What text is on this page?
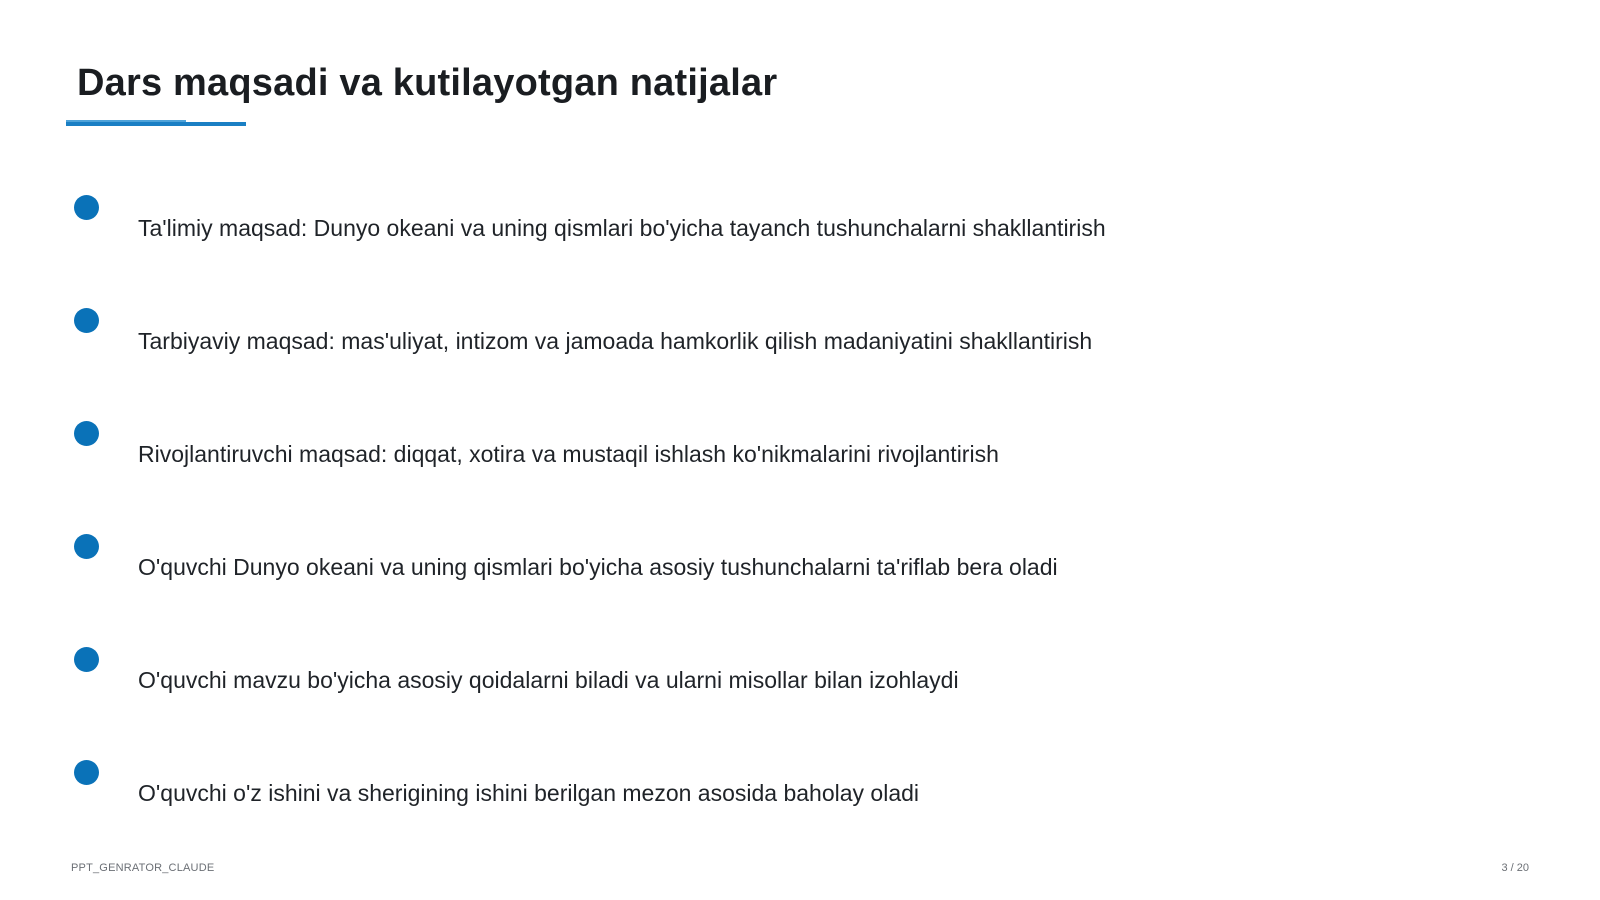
Dars maqsadi va kutilayotgan natijalar
Ta'limiy maqsad: Dunyo okeani va uning qismlari bo'yicha tayanch tushunchalarni shakllantirish
Tarbiyaviy maqsad: mas'uliyat, intizom va jamoada hamkorlik qilish madaniyatini shakllantirish
Rivojlantiruvchi maqsad: diqqat, xotira va mustaqil ishlash ko'nikmalarini rivojlantirish
O'quvchi Dunyo okeani va uning qismlari bo'yicha asosiy tushunchalarni ta'riflab bera oladi
O'quvchi mavzu bo'yicha asosiy qoidalarni biladi va ularni misollar bilan izohlaydi
O'quvchi o'z ishini va sherigining ishini berilgan mezon asosida baholay oladi
PPT_GENRATOR_CLAUDE	3 / 20
